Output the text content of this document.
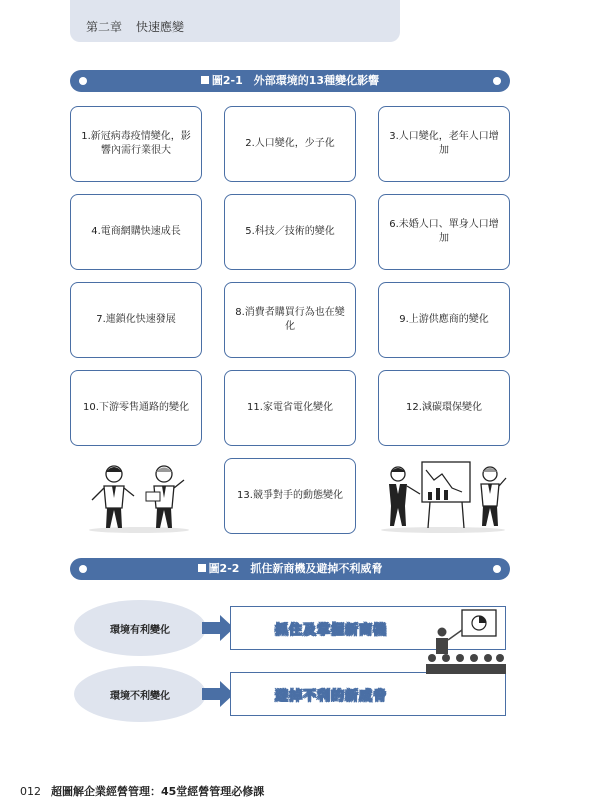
第二章 快速應變
圖2-1　外部環境的13種變化影響
1.新冠病毒疫情變化，影響內需行業很大
2.人口變化，少子化
3.人口變化，老年人口增加
4.電商網購快速成長	5.科技／技術的變化
6.未婚人口、單身人口增加
7.連鎖化快速發展
8.消費者購買行為也在變化
9.上游供應商的變化
10.下游零售通路的變化	11.家電省電化變化	12.減碳環保變化
13.競爭對手的動態變化
圖2-2　抓住新商機及避掉不利威脅
環境有利變化	抓住及掌握新商機
環境不利變化	避掉不利的新威脅
012 超圖解企業經營管理：45堂經營管理必修課
